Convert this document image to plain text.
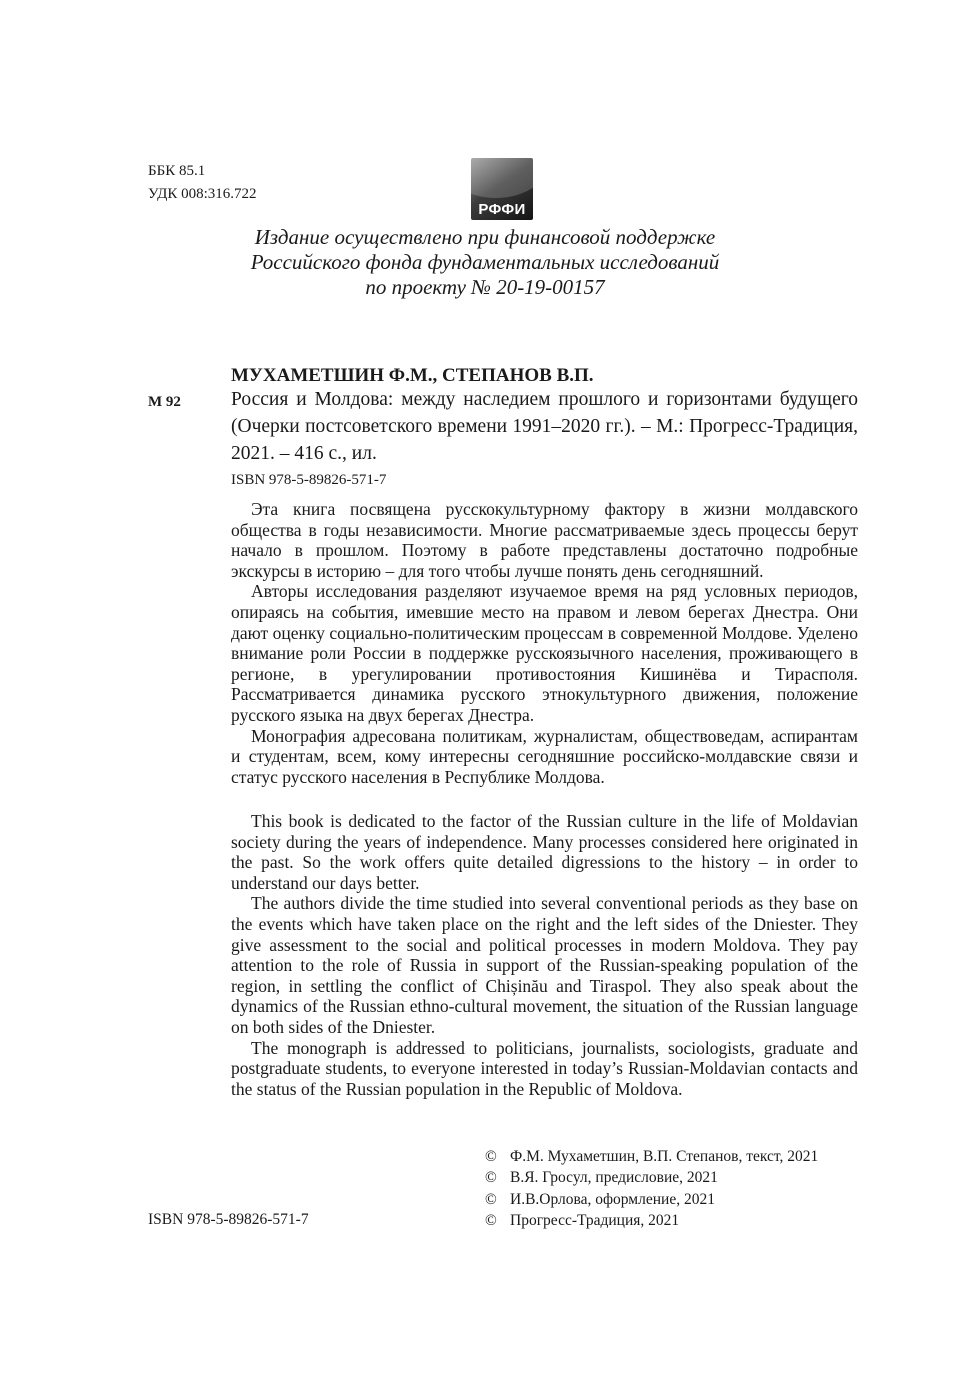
ББК 85.1
УДК 008:316.722
РФФИ
Издание осуществлено при финансовой поддержке
Российского фонда фундаментальных исследований
по проекту № 20-19-00157
МУХАМЕТШИН Ф.М., СТЕПАНОВ В.П.
М 92	Россия и Молдова: между наследием прошлого и горизонтами будущего (Очерки постсоветского времени 1991–2020 гг.). – М.: Прогресс-Традиция, 2021. – 416 с., ил.
ISBN 978-5-89826-571-7

Эта книга посвящена русскокультурному фактору в жизни молдавского общества в годы независимости. Многие рассматриваемые здесь процессы берут начало в прошлом. Поэтому в работе представлены достаточно подробные экскурсы в историю – для того чтобы лучше понять день сегодняшний.

Авторы исследования разделяют изучаемое время на ряд условных периодов, опираясь на события, имевшие место на правом и левом берегах Днестра. Они дают оценку социально-политическим процессам в современной Молдове. Уделено внимание роли России в поддержке русскоязычного населения, проживающего в регионе, в урегулировании противостояния Кишинёва и Тирасполя. Рассматривается динамика русского этнокультурного движения, положение русского языка на двух берегах Днестра.

Монография адресована политикам, журналистам, обществоведам, аспирантам и студентам, всем, кому интересны сегодняшние российско-молдавские связи и статус русского населения в Республике Молдова.

This book is dedicated to the factor of the Russian culture in the life of Moldavian society during the years of independence. Many processes considered here originated in the past. So the work offers quite detailed digressions to the history – in order to understand our days better.

The authors divide the time studied into several conventional periods as they base on the events which have taken place on the right and the left sides of the Dniester. They give assessment to the social and political processes in modern Moldova. They pay attention to the role of Russia in support of the Russian-speaking population of the region, in settling the conflict of Chișinău and Tiraspol. They also speak about the dynamics of the Russian ethno-cultural movement, the situation of the Russian language on both sides of the Dniester.

The monograph is addressed to politicians, journalists, sociologists, graduate and postgraduate students, to everyone interested in today’s Russian-Moldavian contacts and the status of the Russian population in the Republic of Moldova.

© Ф.М. Мухаметшин, В.П. Степанов, текст, 2021
© В.Я. Гросул, предисловие, 2021
© И.В.Орлова, оформление, 2021
© Прогресс-Традиция, 2021
ISBN 978-5-89826-571-7
